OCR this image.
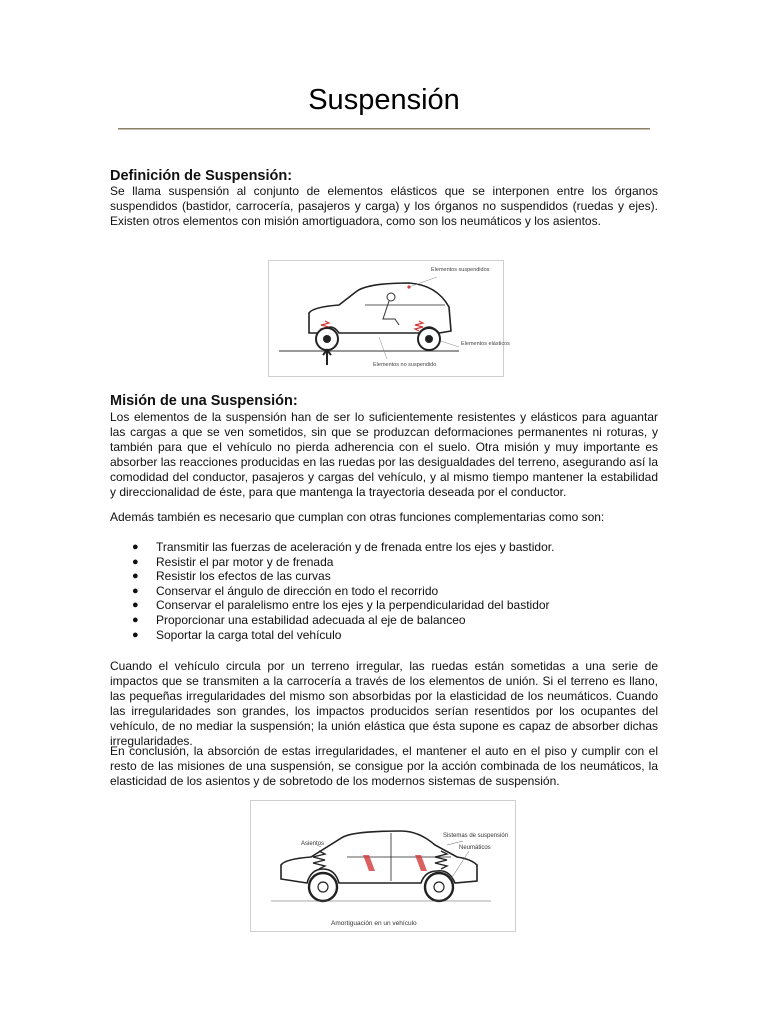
Suspensión
Definición de Suspensión:

Se llama suspensión al conjunto de elementos elásticos que se interponen entre los órganos suspendidos (bastidor, carrocería, pasajeros y carga) y los órganos no suspendidos (ruedas y ejes). Existen otros elementos con misión amortiguadora, como son los neumáticos y los asientos.

Elementos suspendidos
Elementos elásticos
Elementos no suspendido
Misión de una Suspensión:

Los elementos de la suspensión han de ser lo suficientemente resistentes y elásticos para aguantar las cargas a que se ven sometidos, sin que se produzcan deformaciones permanentes ni roturas, y también para que el vehículo no pierda adherencia con el suelo. Otra misión y muy importante es absorber las reacciones producidas en las ruedas por las desigualdades del terreno, asegurando así la comodidad del conductor, pasajeros y cargas del vehículo, y al mismo tiempo mantener la estabilidad y direccionalidad de éste, para que mantenga la trayectoria deseada por el conductor.

Además también es necesario que cumplan con otras funciones complementarias como son:

● Transmitir las fuerzas de aceleración y de frenada entre los ejes y bastidor.
● Resistir el par motor y de frenada
● Resistir los efectos de las curvas
● Conservar el ángulo de dirección en todo el recorrido
● Conservar el paralelismo entre los ejes y la perpendicularidad del bastidor
● Proporcionar una estabilidad adecuada al eje de balanceo
● Soportar la carga total del vehículo

Cuando el vehículo circula por un terreno irregular, las ruedas están sometidas a una serie de impactos que se transmiten a la carrocería a través de los elementos de unión. Si el terreno es llano, las pequeñas irregularidades del mismo son absorbidas por la elasticidad de los neumáticos. Cuando las irregularidades son grandes, los impactos producidos serían resentidos por los ocupantes del vehículo, de no mediar la suspensión; la unión elástica que ésta supone es capaz de absorber dichas irregularidades.

En conclusión, la absorción de estas irregularidades, el mantener el auto en el piso y cumplir con el resto de las misiones de una suspensión, se consigue por la acción combinada de los neumáticos, la elasticidad de los asientos y de sobretodo de los modernos sistemas de suspensión.

Asientos
Sistemas de suspensión
Neumáticos
Amortiguación en un vehículo
